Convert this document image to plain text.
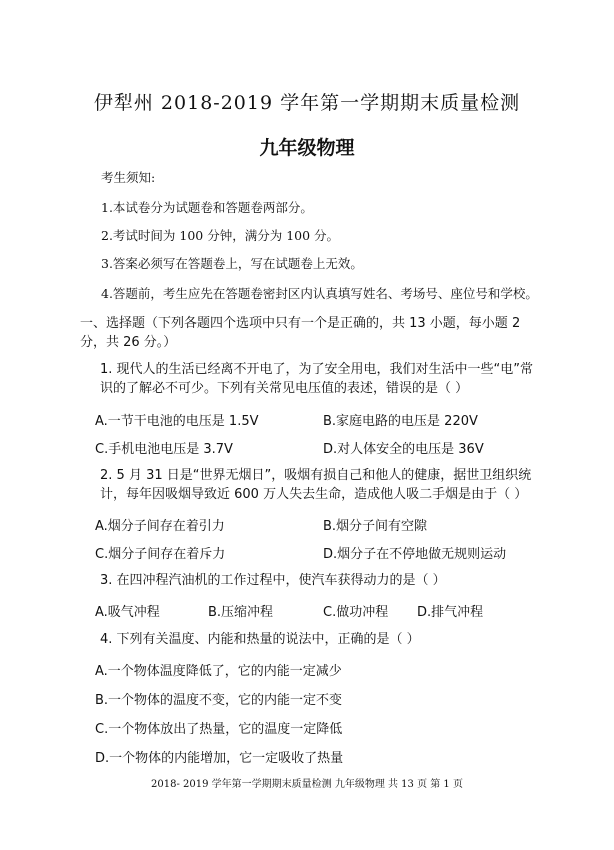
伊犁州 2018-2019 学年第一学期期末质量检测
九年级物理
考生须知:
1.本试卷分为试题卷和答题卷两部分。
2.考试时间为 100 分钟，满分为 100 分。
3.答案必须写在答题卷上，写在试题卷上无效。
4.答题前，考生应先在答题卷密封区内认真填写姓名、考场号、座位号和学校。
一、选择题（下列各题四个选项中只有一个是正确的，共 13 小题，每小题 2 分，共 26 分。）
1. 现代人的生活已经离不开电了，为了安全用电，我们对生活中一些“电”常识的了解必不可少。下列有关常见电压值的表述，错误的是（ ）
A.一节干电池的电压是 1.5V	B.家庭电路的电压是 220V
C.手机电池电压是 3.7V	D.对人体安全的电压是 36V
2. 5 月 31 日是“世界无烟日”，吸烟有损自己和他人的健康，据世卫组织统计，每年因吸烟导致近 600 万人失去生命，造成他人吸二手烟是由于（ ）
A.烟分子间存在着引力	B.烟分子间有空隙
C.烟分子间存在着斥力	D.烟分子在不停地做无规则运动
3. 在四冲程汽油机的工作过程中，使汽车获得动力的是（ ）
A.吸气冲程	B.压缩冲程	C.做功冲程 D.排气冲程
4. 下列有关温度、内能和热量的说法中，正确的是（ ）
A.一个物体温度降低了，它的内能一定减少
B.一个物体的温度不变，它的内能一定不变
C.一个物体放出了热量，它的温度一定降低
D.一个物体的内能增加，它一定吸收了热量
2018- 2019 学年第一学期期末质量检测 九年级物理 共 13 页 第 1 页
